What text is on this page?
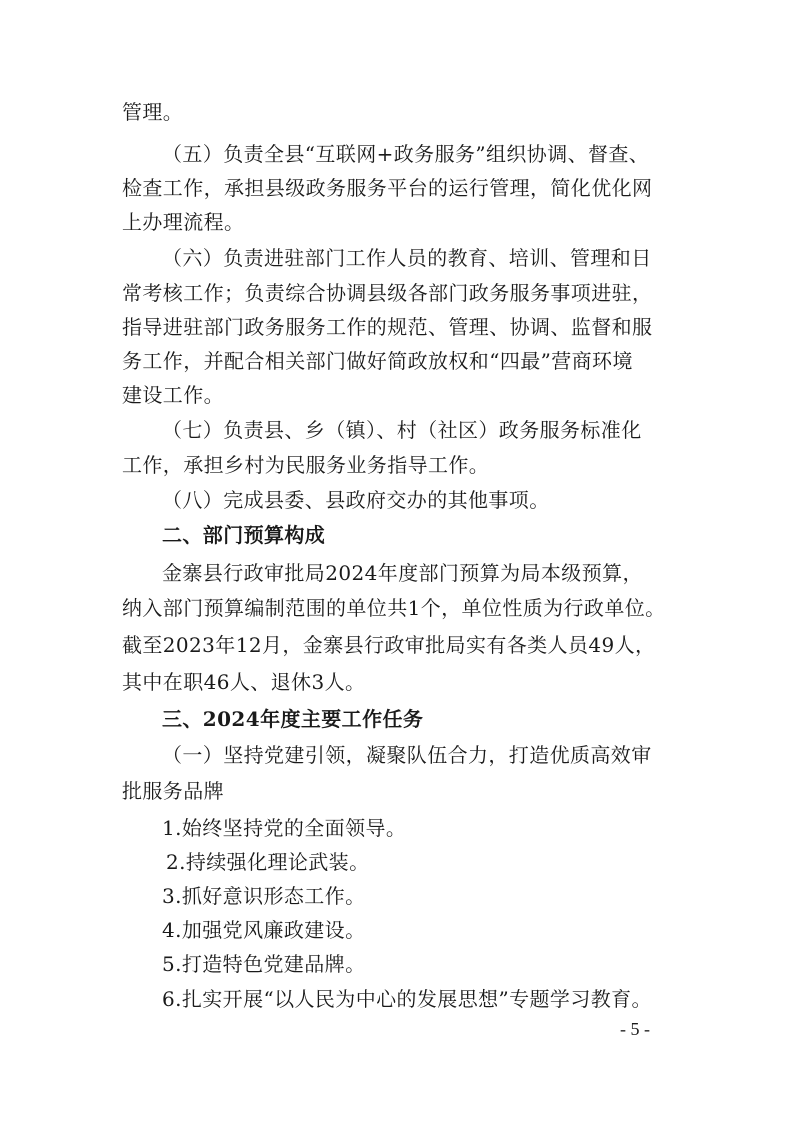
管理。
（五）负责全县“互联网+政务服务”组织协调、督查、
检查工作，承担县级政务服务平台的运行管理，简化优化网
上办理流程。
（六）负责进驻部门工作人员的教育、培训、管理和日
常考核工作；负责综合协调县级各部门政务服务事项进驻，
指导进驻部门政务服务工作的规范、管理、协调、监督和服
务工作，并配合相关部门做好简政放权和“四最”营商环境
建设工作。
（七）负责县、乡（镇）、村（社区）政务服务标准化
工作，承担乡村为民服务业务指导工作。
（八）完成县委、县政府交办的其他事项。
二、部门预算构成
金寨县行政审批局2024年度部门预算为局本级预算，
纳入部门预算编制范围的单位共1个，单位性质为行政单位。
截至2023年12月，金寨县行政审批局实有各类人员49人，
其中在职46人、退休3人。
三、2024年度主要工作任务
（一）坚持党建引领，凝聚队伍合力，打造优质高效审
批服务品牌
1.始终坚持党的全面领导。
2.持续强化理论武装。
3.抓好意识形态工作。
4.加强党风廉政建设。
5.打造特色党建品牌。
6.扎实开展“以人民为中心的发展思想”专题学习教育。
- 5 -
